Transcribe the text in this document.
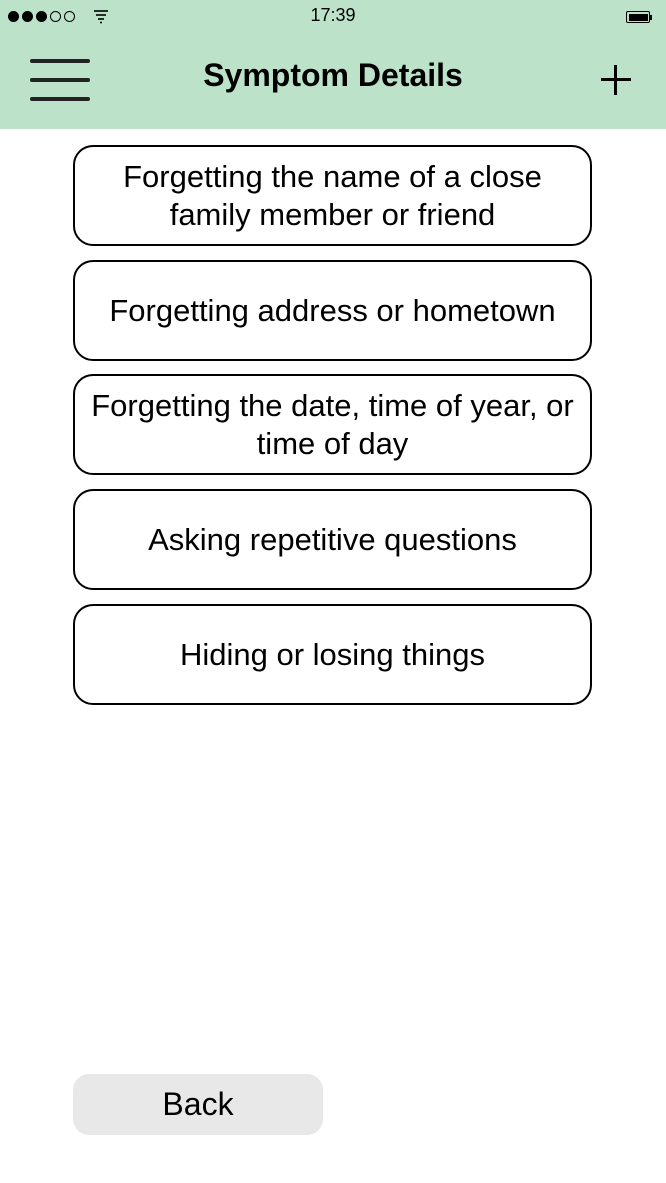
17:39
Symptom Details
Forgetting the name of a close family member or friend
Forgetting address or hometown
Forgetting the date, time of year, or time of day
Asking repetitive questions
Hiding or losing things
Back
